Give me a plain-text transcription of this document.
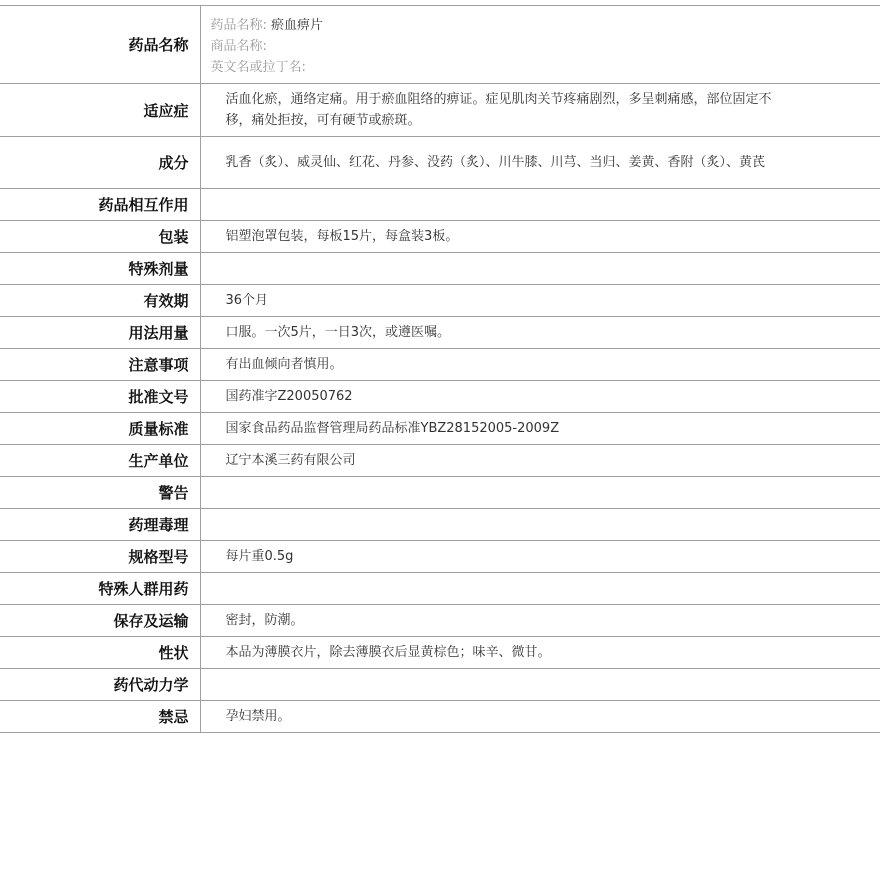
药品名称	药品名称: 瘀血痹片
商品名称:
英文名或拉丁名:

适应症	活血化瘀，通络定痛。用于瘀血阻络的痹证。症见肌肉关节疼痛剧烈，多呈刺痛感，部位固定不移，痛处拒按，可有硬节或瘀斑。
成分	乳香（炙）、威灵仙、红花、丹参、没药（炙）、川牛膝、川芎、当归、姜黄、香附（炙）、黄芪
药品相互作用	
包装	铝塑泡罩包装，每板15片，每盒装3板。
特殊剂量	
有效期	36个月
用法用量	口服。一次5片，一日3次，或遵医嘱。
注意事项	有出血倾向者慎用。
批准文号	国药准字Z20050762
质量标准	国家食品药品监督管理局药品标准YBZ28152005-2009Z
生产单位	辽宁本溪三药有限公司
警告	
药理毒理	
规格型号	每片重0.5g
特殊人群用药	
保存及运输	密封，防潮。
性状	本品为薄膜衣片，除去薄膜衣后显黄棕色；味辛、微甘。
药代动力学	
禁忌	孕妇禁用。
